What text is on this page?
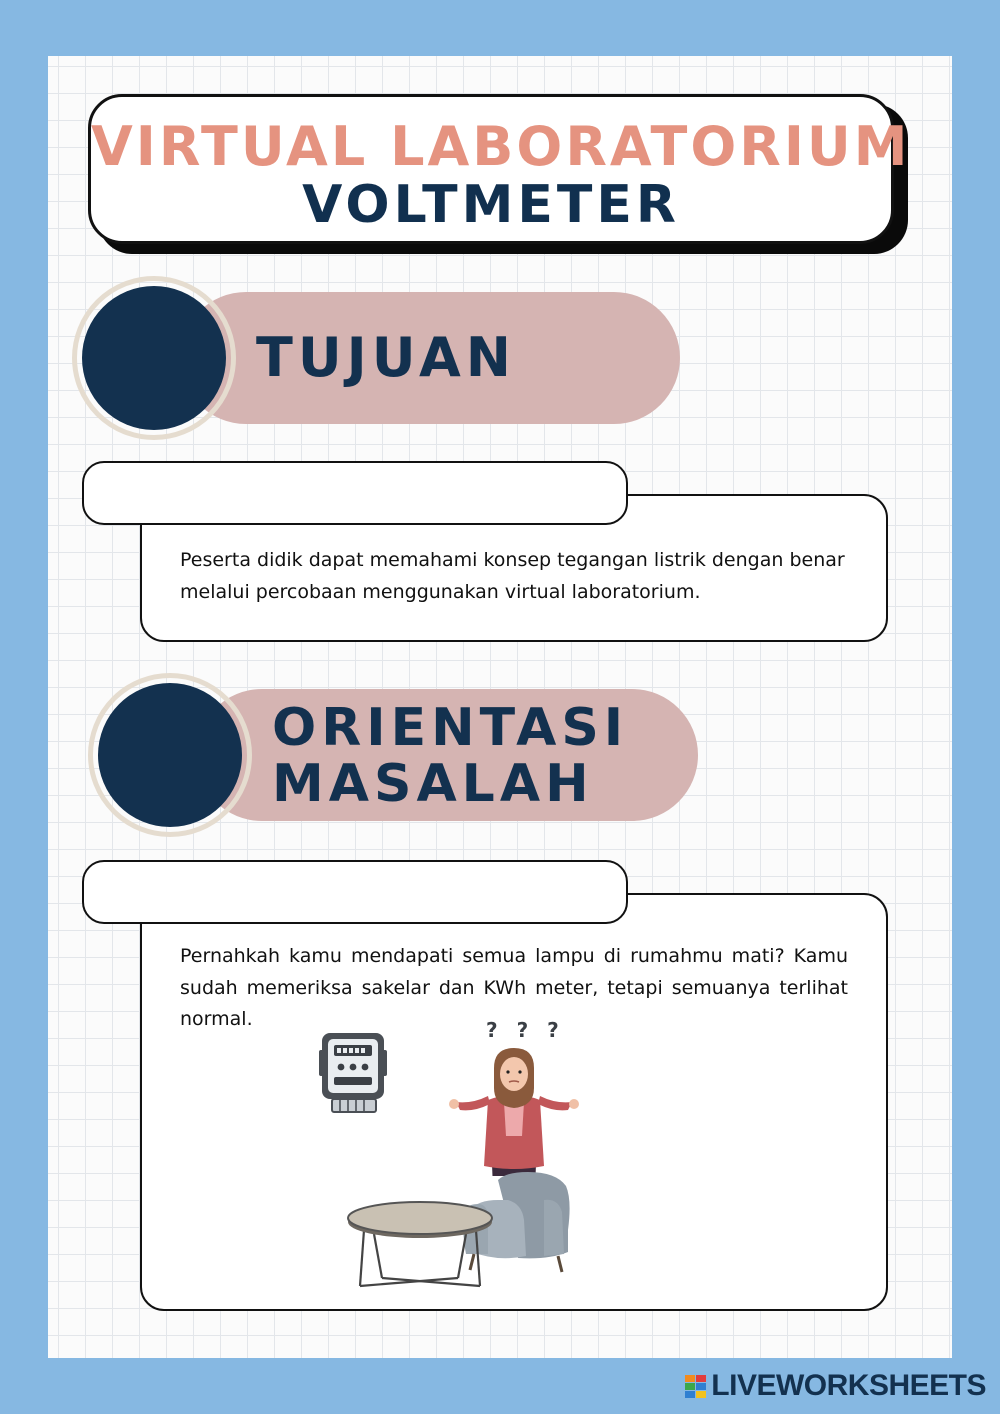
VIRTUAL LABORATORIUM
VOLTMETER
TUJUAN
Peserta didik dapat memahami konsep tegangan listrik dengan benar melalui percobaan menggunakan virtual laboratorium.
ORIENTASI
MASALAH
Pernahkah kamu mendapati semua lampu di rumahmu mati? Kamu sudah memeriksa sakelar dan KWh meter, tetapi semuanya terlihat normal.	? ? ?
LIVEWORKSHEETS
